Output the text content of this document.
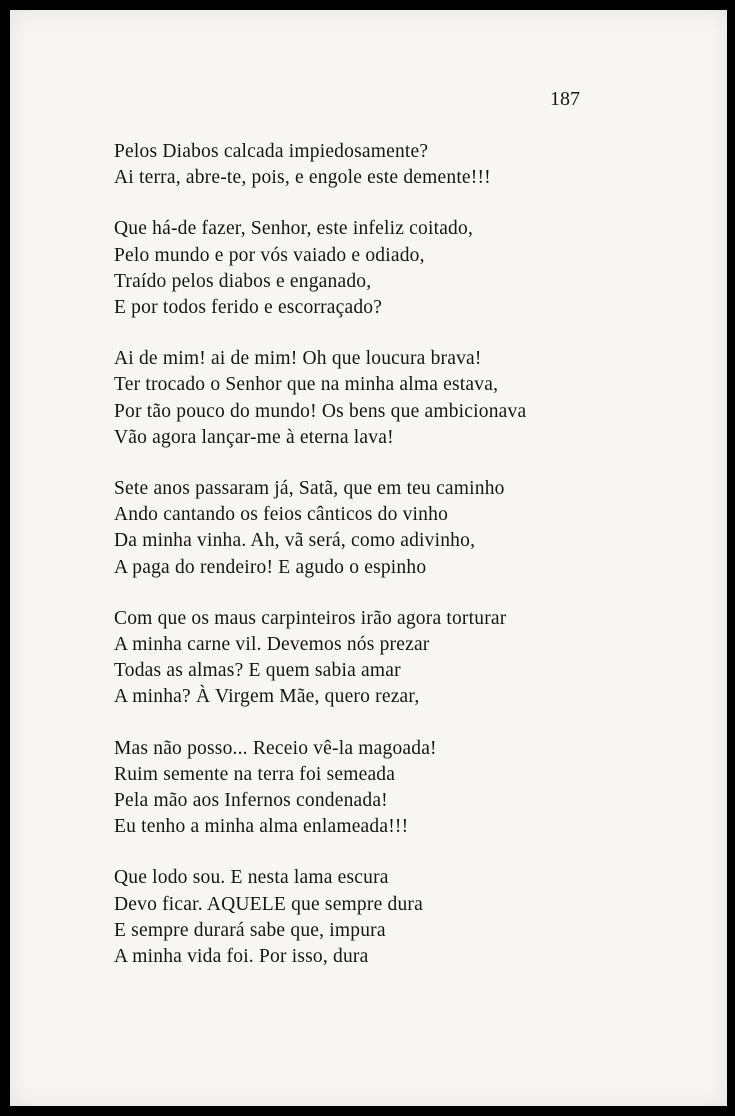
187
Pelos Diabos calcada impiedosamente?
Ai terra, abre-te, pois, e engole este demente!!!
Que há-de fazer, Senhor, este infeliz coitado,
Pelo mundo e por vós vaiado e odiado,
Traído pelos diabos e enganado,
E por todos ferido e escorraçado?
Ai de mim! ai de mim! Oh que loucura brava!
Ter trocado o Senhor que na minha alma estava,
Por tão pouco do mundo! Os bens que ambicionava
Vão agora lançar-me à eterna lava!
Sete anos passaram já, Satã, que em teu caminho
Ando cantando os feios cânticos do vinho
Da minha vinha. Ah, vã será, como adivinho,
A paga do rendeiro! E agudo o espinho
Com que os maus carpinteiros irão agora torturar
A minha carne vil. Devemos nós prezar
Todas as almas? E quem sabia amar
A minha? À Virgem Mãe, quero rezar,
Mas não posso... Receio vê-la magoada!
Ruim semente na terra foi semeada
Pela mão aos Infernos condenada!
Eu tenho a minha alma enlameada!!!
Que lodo sou. E nesta lama escura
Devo ficar. AQUELE que sempre dura
E sempre durará sabe que, impura
A minha vida foi. Por isso, dura
